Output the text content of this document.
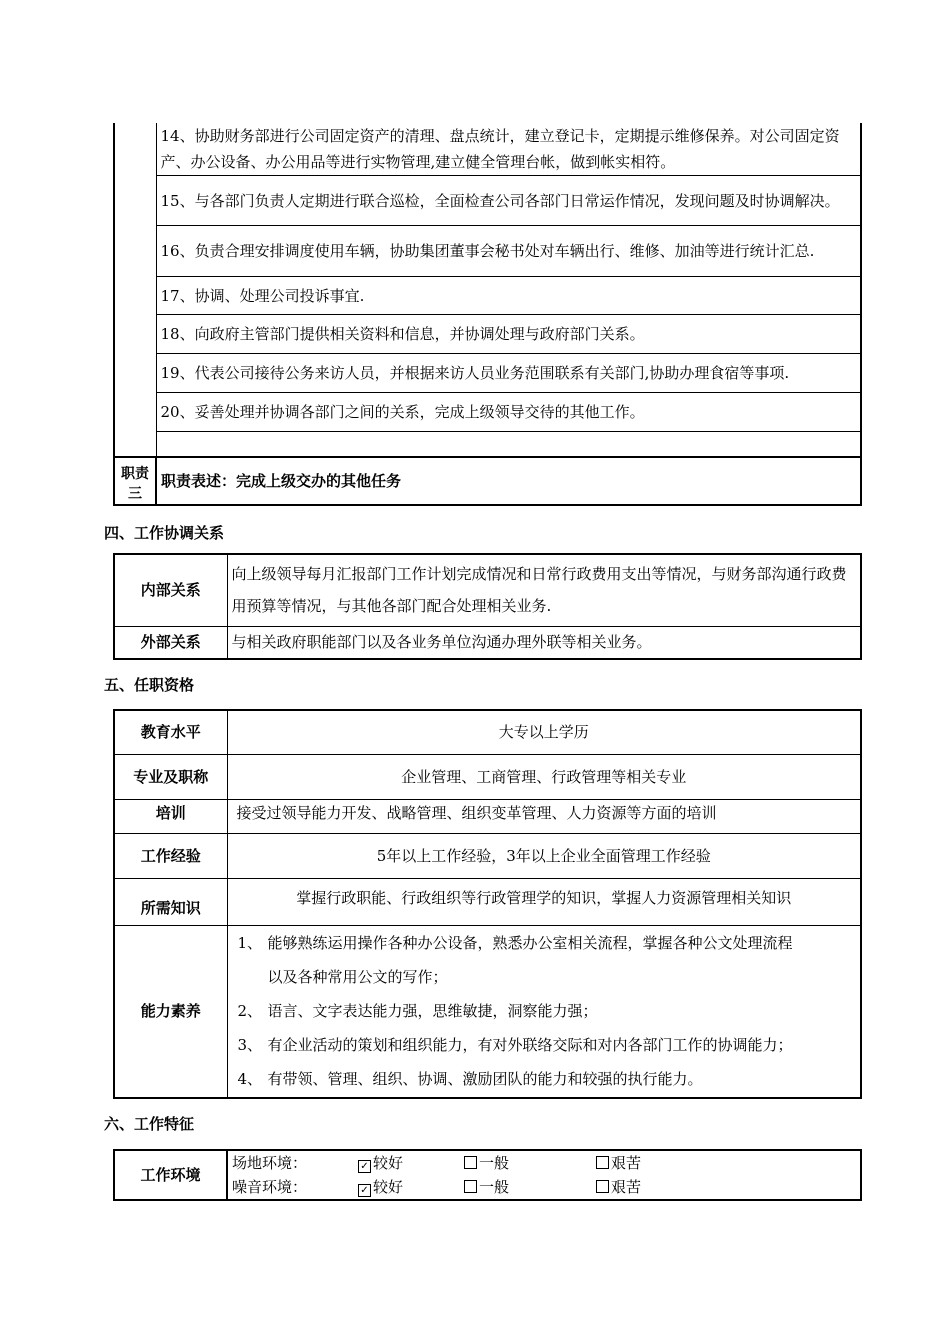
	14、协助财务部进行公司固定资产的清理、盘点统计，建立登记卡，定期提示维修保养。对公司固定资产、办公设备、办公用品等进行实物管理,建立健全管理台帐，做到帐实相符。
	15、与各部门负责人定期进行联合巡检，全面检查公司各部门日常运作情况，发现问题及时协调解决。
	16、负责合理安排调度使用车辆，协助集团董事会秘书处对车辆出行、维修、加油等进行统计汇总.
	17、协调、处理公司投诉事宜.
	18、向政府主管部门提供相关资料和信息，并协调处理与政府部门关系。
	19、代表公司接待公务来访人员，并根据来访人员业务范围联系有关部门,协助办理食宿等事项.
	20、妥善处理并协调各部门之间的关系，完成上级领导交待的其他工作。

职责三	职责表述：完成上级交办的其他任务
四、工作协调关系
内部关系	向上级领导每月汇报部门工作计划完成情况和日常行政费用支出等情况，与财务部沟通行政费用预算等情况，与其他各部门配合处理相关业务.
外部关系	与相关政府职能部门以及各业务单位沟通办理外联等相关业务。
五、任职资格
教育水平	大专以上学历
专业及职称	企业管理、工商管理、行政管理等相关专业
培训	接受过领导能力开发、战略管理、组织变革管理、人力资源等方面的培训
工作经验	5年以上工作经验，3年以上企业全面管理工作经验
所需知识	掌握行政职能、行政组织等行政管理学的知识，掌握人力资源管理相关知识
能力素养	1、 能够熟练运用操作各种办公设备，熟悉办公室相关流程，掌握各种公文处理流程
以及各种常用公文的写作；
2、 语言、文字表达能力强，思维敏捷，洞察能力强；
3、 有企业活动的策划和组织能力，有对外联络交际和对内各部门工作的协调能力；
4、 有带领、管理、组织、协调、激励团队的能力和较强的执行能力。
六、工作特征
工作环境	
场地环境：	✓ 较好	一般	艰苦
噪音环境：	✓ 较好	一般	艰苦
